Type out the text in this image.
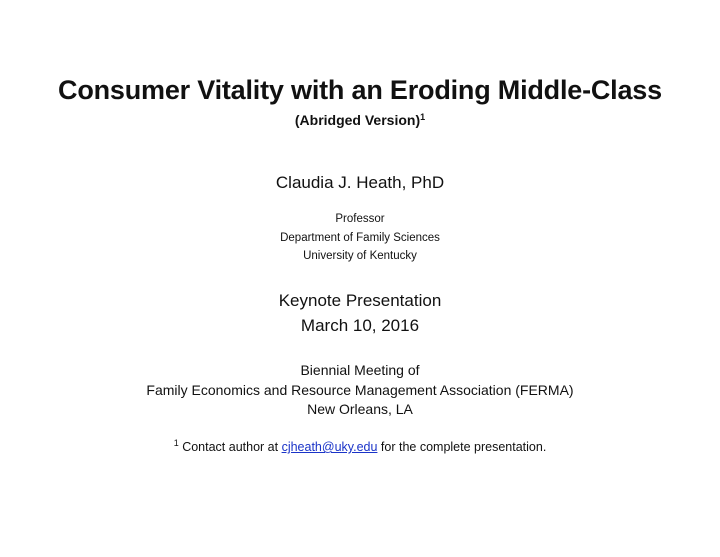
Consumer Vitality with an Eroding Middle-Class
(Abridged Version)$^1$
Claudia J. Heath, PhD
Professor
Department of Family Sciences
University of Kentucky
Keynote Presentation
March 10, 2016
Biennial Meeting of
Family Economics and Resource Management Association (FERMA)
New Orleans, LA
$^1$ Contact author at cjheath@uky.edu for the complete presentation.
